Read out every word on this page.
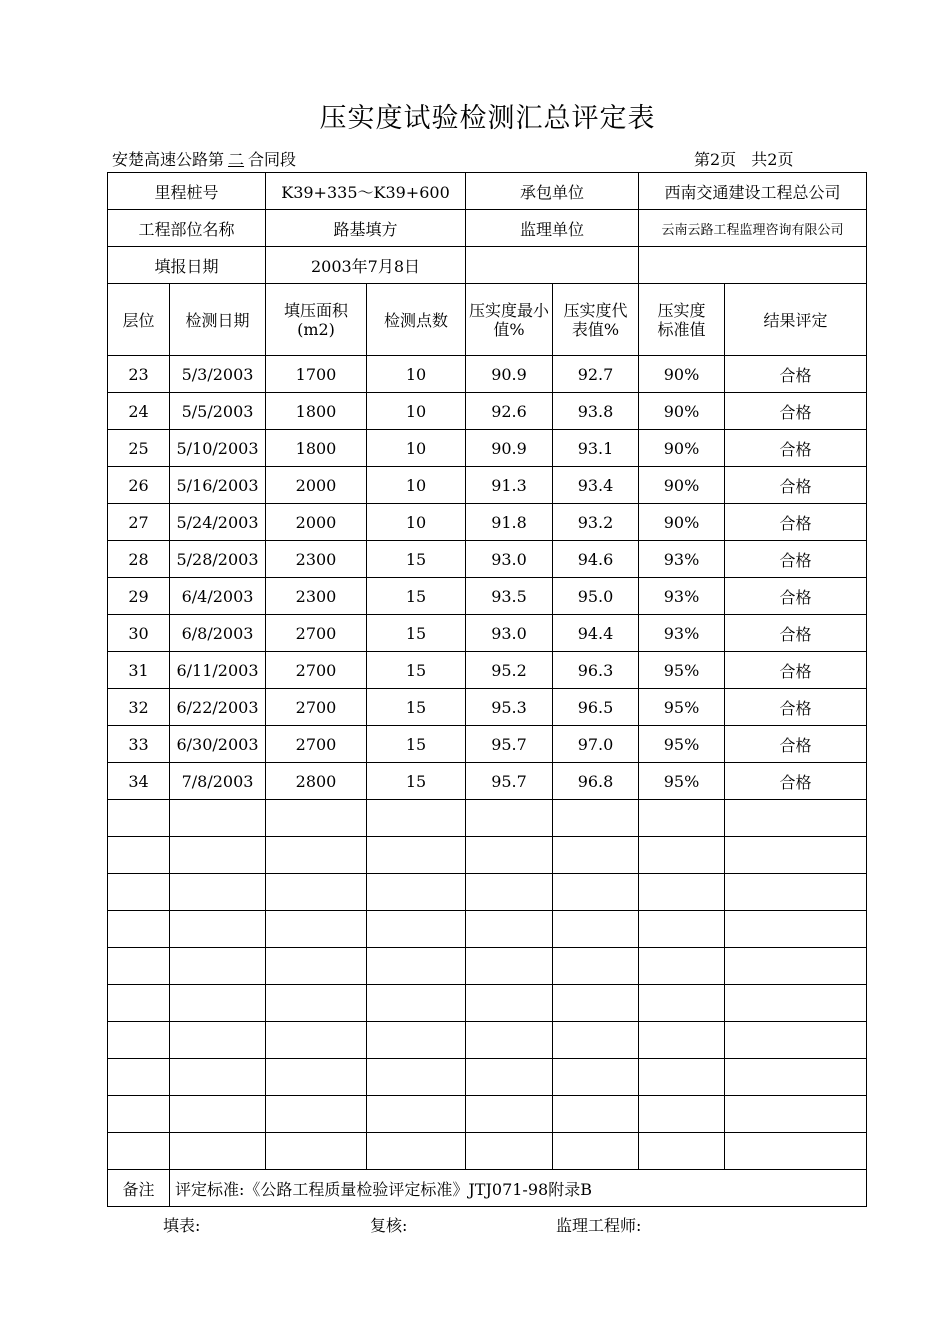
压实度试验检测汇总评定表
安楚高速公路第 二 合同段	第2页 共2页
里程桩号		K39+335～K39+600		承包单位		西南交通建设工程总公司	
工程部位名称		路基填方		监理单位		云南云路工程监理咨询有限公司	
填报日期		2003年7月8日					
层位	检测日期	填压面积(m2)	检测点数	压实度最小值%	压实度代表值%	压实度标准值	结果评定
23	5/3/2003	1700	10	90.9	92.7	90%	合格
24	5/5/2003	1800	10	92.6	93.8	90%	合格
25	5/10/2003	1800	10	90.9	93.1	90%	合格
26	5/16/2003	2000	10	91.3	93.4	90%	合格
27	5/24/2003	2000	10	91.8	93.2	90%	合格
28	5/28/2003	2300	15	93.0	94.6	93%	合格
29	6/4/2003	2300	15	93.5	95.0	93%	合格
30	6/8/2003	2700	15	93.0	94.4	93%	合格
31	6/11/2003	2700	15	95.2	96.3	95%	合格
32	6/22/2003	2700	15	95.3	96.5	95%	合格
33	6/30/2003	2700	15	95.7	97.0	95%	合格
34	7/8/2003	2800	15	95.7	96.8	95%	合格

备注	评定标准:《公路工程质量检验评定标准》JTJ071-98附录B						
填表:	复核:	监理工程师:
